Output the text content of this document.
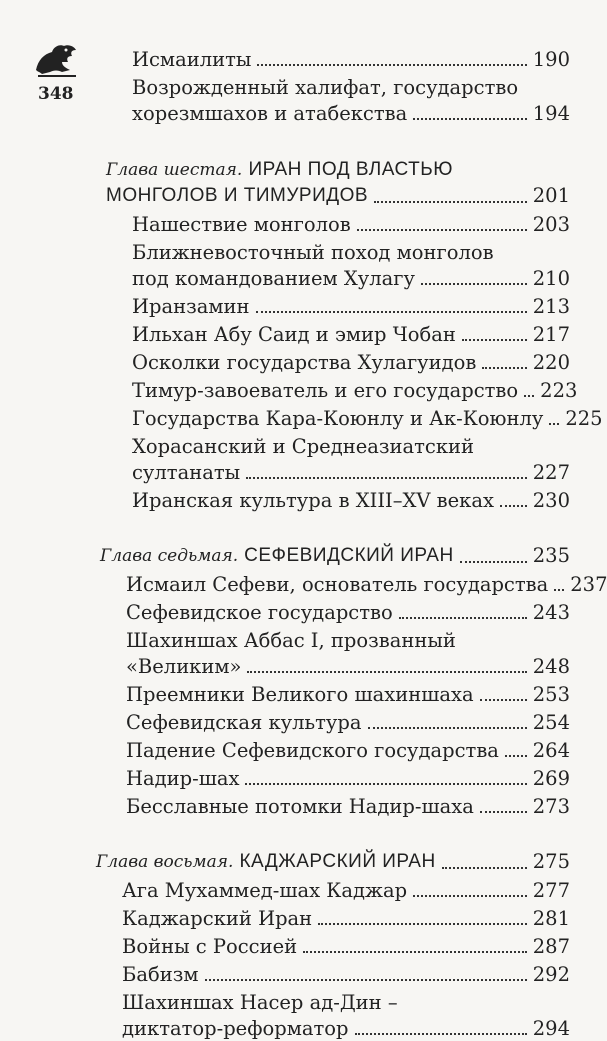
348
Исмаилиты	190
Возрожденный халифат, государство
хорезмшахов и атабекства	194
Глава шестая. ИРАН ПОД ВЛАСТЬЮ
МОНГОЛОВ И ТИМУРИДОВ	201
Нашествие монголов	203
Ближневосточный поход монголов
под командованием Хулагу	210
Иранзамин	213
Ильхан Абу Саид и эмир Чобан	217
Осколки государства Хулагуидов	220
Тимур-завоеватель и его государство 223
Государства Кара-Коюнлу и Ак-Коюнлу 225
Хорасанский и Среднеазиатский
султанаты	227
Иранская культура в XIII–XV веках 230
Глава седьмая. СЕФЕВИДСКИЙ ИРАН	235
Исмаил Сефеви, основатель государства 237
Сефевидское государство	243
Шахиншах Аббас I, прозванный
«Великим»	248
Преемники Великого шахиншаха	253
Сефевидская культура	254
Падение Сефевидского государства 264
Надир-шах	269
Бесславные потомки Надир-шаха	273
Глава восьмая. КАДЖАРСКИЙ ИРАН	275
Ага Мухаммед-шах Каджар	277
Каджарский Иран	281
Войны с Россией	287
Бабизм	292
Шахиншах Насер ад-Дин –
диктатор-реформатор	294
